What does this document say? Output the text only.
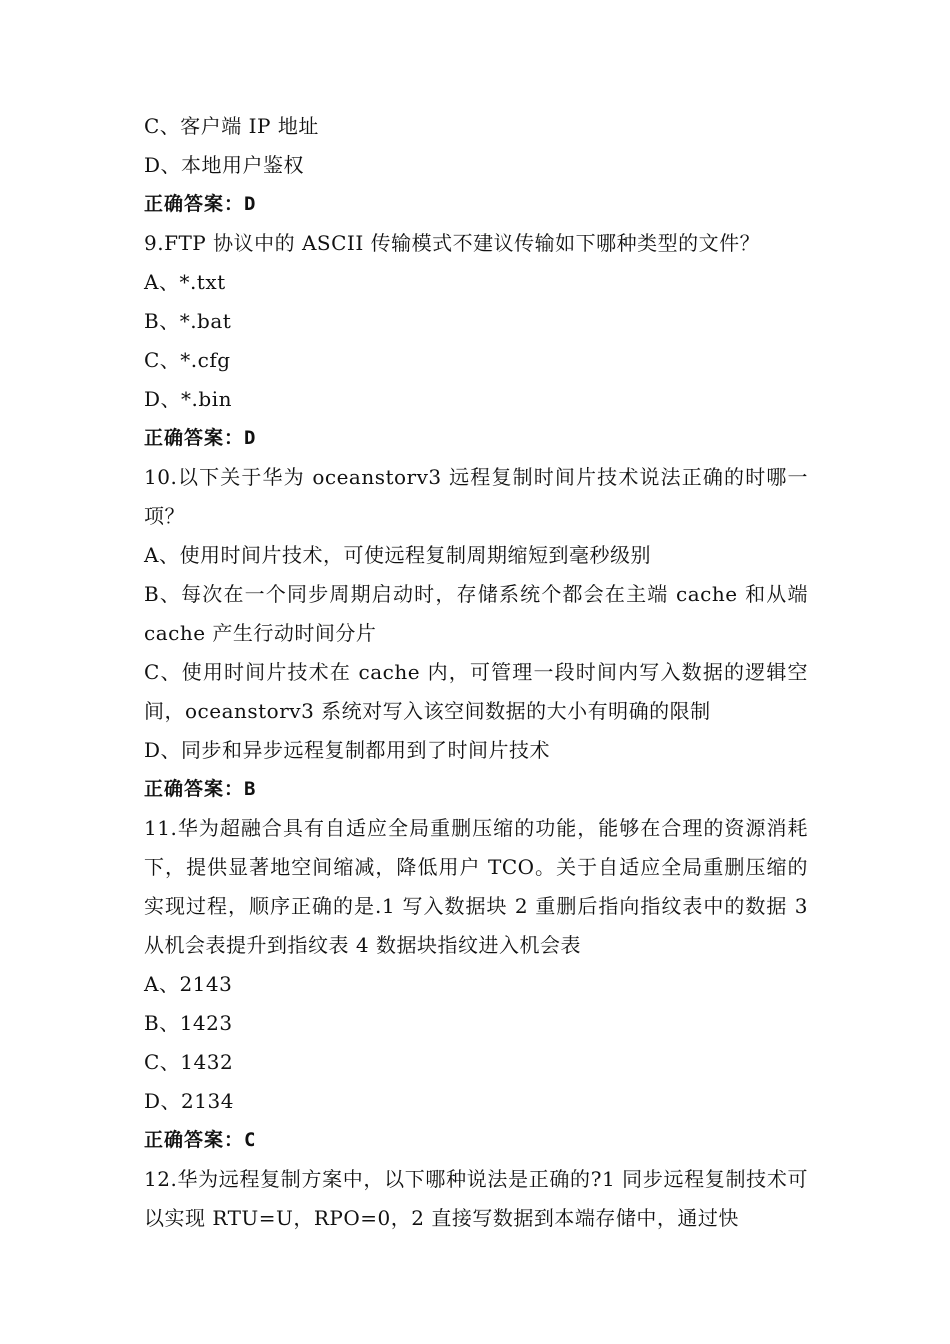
C、客户端 IP 地址

D、本地用户鉴权

正确答案：D

9.FTP 协议中的 ASCII 传输模式不建议传输如下哪种类型的文件？

A、*.txt

B、*.bat

C、*.cfg

D、*.bin

正确答案：D

10.以下关于华为 oceanstorv3 远程复制时间片技术说法正确的时哪一项？

A、使用时间片技术，可使远程复制周期缩短到毫秒级别

B、每次在一个同步周期启动时，存储系统个都会在主端 cache 和从端 cache 产生行动时间分片

C、使用时间片技术在 cache 内，可管理一段时间内写入数据的逻辑空间，oceanstorv3 系统对写入该空间数据的大小有明确的限制

D、同步和异步远程复制都用到了时间片技术

正确答案：B

11.华为超融合具有自适应全局重删压缩的功能，能够在合理的资源消耗下，提供显著地空间缩减，降低用户 TCO。关于自适应全局重删压缩的实现过程，顺序正确的是.1 写入数据块 2 重删后指向指纹表中的数据 3 从机会表提升到指纹表 4 数据块指纹进入机会表

A、2143

B、1423

C、1432

D、2134

正确答案：C

12.华为远程复制方案中，以下哪种说法是正确的?1 同步远程复制技术可以实现 RTU=U，RPO=0，2 直接写数据到本端存储中，通过快
